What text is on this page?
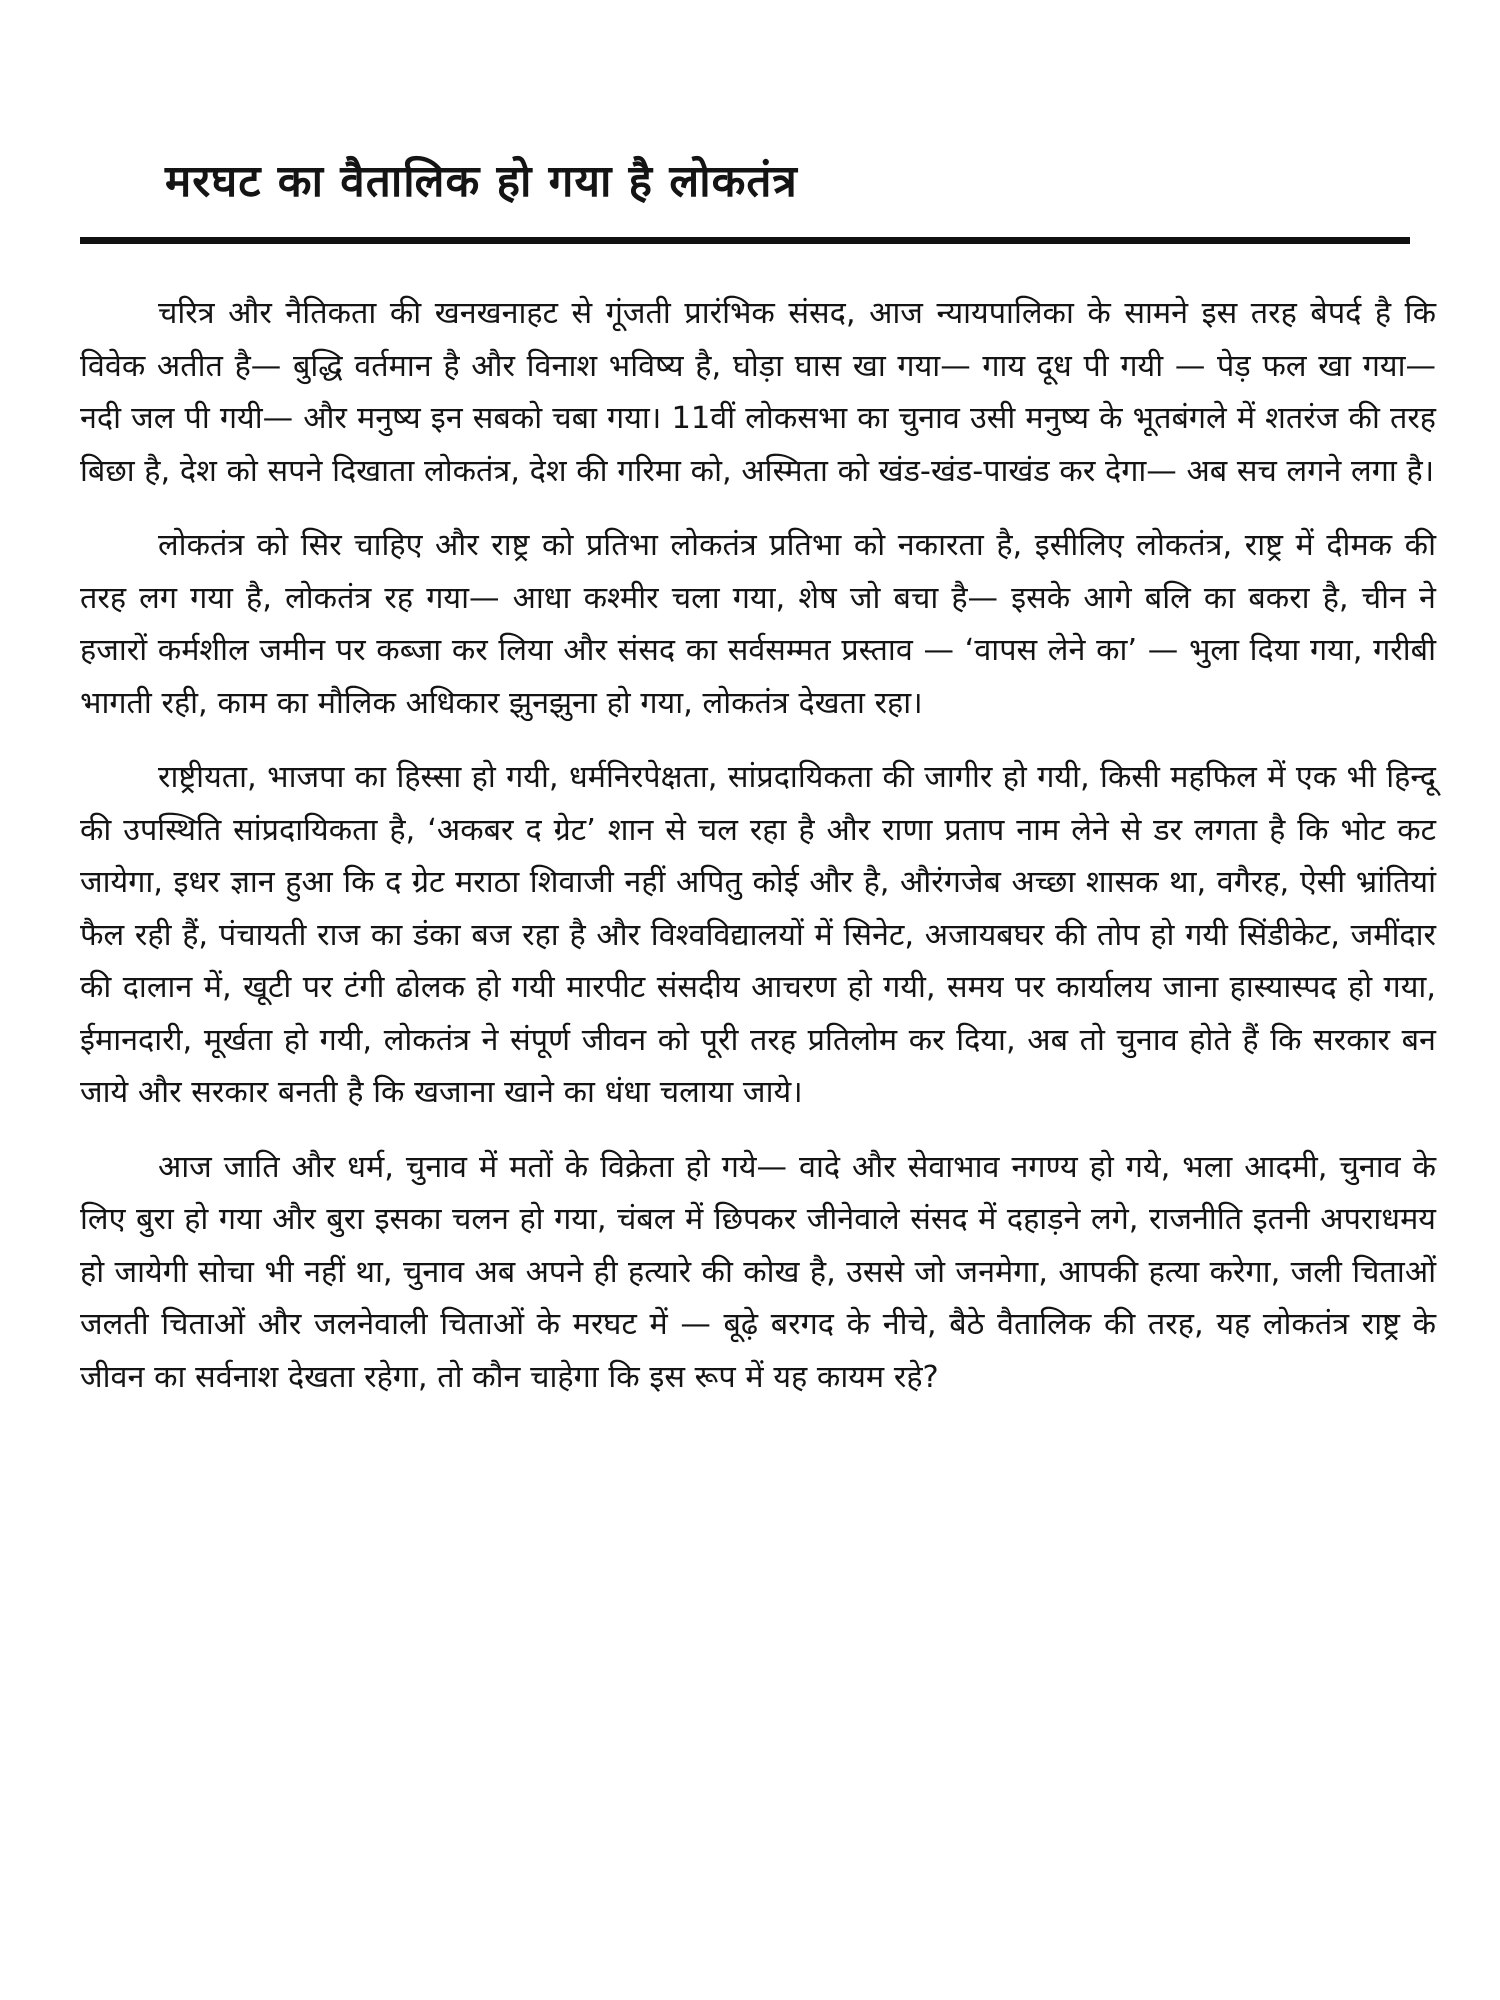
मरघट का वैतालिक हो गया है लोकतंत्र

चरित्र और नैतिकता की खनखनाहट से गूंजती प्रारंभिक संसद, आज न्यायपालिका के सामने इस तरह बेपर्द है कि विवेक अतीत है— बुद्धि वर्तमान है और विनाश भविष्य है, घोड़ा घास खा गया— गाय दूध पी गयी — पेड़ फल खा गया— नदी जल पी गयी— और मनुष्य इन सबको चबा गया। 11वीं लोकसभा का चुनाव उसी मनुष्य के भूतबंगले में शतरंज की तरह बिछा है, देश को सपने दिखाता लोकतंत्र, देश की गरिमा को, अस्मिता को खंड-खंड-पाखंड कर देगा— अब सच लगने लगा है।

लोकतंत्र को सिर चाहिए और राष्ट्र को प्रतिभा लोकतंत्र प्रतिभा को नकारता है, इसीलिए लोकतंत्र, राष्ट्र में दीमक की तरह लग गया है, लोकतंत्र रह गया— आधा कश्मीर चला गया, शेष जो बचा है— इसके आगे बलि का बकरा है, चीन ने हजारों कर्मशील जमीन पर कब्जा कर लिया और संसद का सर्वसम्मत प्रस्ताव — ‘वापस लेने का’ — भुला दिया गया, गरीबी भागती रही, काम का मौलिक अधिकार झुनझुना हो गया, लोकतंत्र देखता रहा।

राष्ट्रीयता, भाजपा का हिस्सा हो गयी, धर्मनिरपेक्षता, सांप्रदायिकता की जागीर हो गयी, किसी महफिल में एक भी हिन्दू की उपस्थिति सांप्रदायिकता है, ‘अकबर द ग्रेट’ शान से चल रहा है और राणा प्रताप नाम लेने से डर लगता है कि भोट कट जायेगा, इधर ज्ञान हुआ कि द ग्रेट मराठा शिवाजी नहीं अपितु कोई और है, औरंगजेब अच्छा शासक था, वगैरह, ऐसी भ्रांतियां फैल रही हैं, पंचायती राज का डंका बज रहा है और विश्वविद्यालयों में सिनेट, अजायबघर की तोप हो गयी सिंडीकेट, जमींदार की दालान में, खूटी पर टंगी ढोलक हो गयी मारपीट संसदीय आचरण हो गयी, समय पर कार्यालय जाना हास्यास्पद हो गया, ईमानदारी, मूर्खता हो गयी, लोकतंत्र ने संपूर्ण जीवन को पूरी तरह प्रतिलोम कर दिया, अब तो चुनाव होते हैं कि सरकार बन जाये और सरकार बनती है कि खजाना खाने का धंधा चलाया जाये।

आज जाति और धर्म, चुनाव में मतों के विक्रेता हो गये— वादे और सेवाभाव नगण्य हो गये, भला आदमी, चुनाव के लिए बुरा हो गया और बुरा इसका चलन हो गया, चंबल में छिपकर जीनेवाले संसद में दहाड़ने लगे, राजनीति इतनी अपराधमय हो जायेगी सोचा भी नहीं था, चुनाव अब अपने ही हत्यारे की कोख है, उससे जो जनमेगा, आपकी हत्या करेगा, जली चिताओं जलती चिताओं और जलनेवाली चिताओं के मरघट में — बूढ़े बरगद के नीचे, बैठे वैतालिक की तरह, यह लोकतंत्र राष्ट्र के जीवन का सर्वनाश देखता रहेगा, तो कौन चाहेगा कि इस रूप में यह कायम रहे?
